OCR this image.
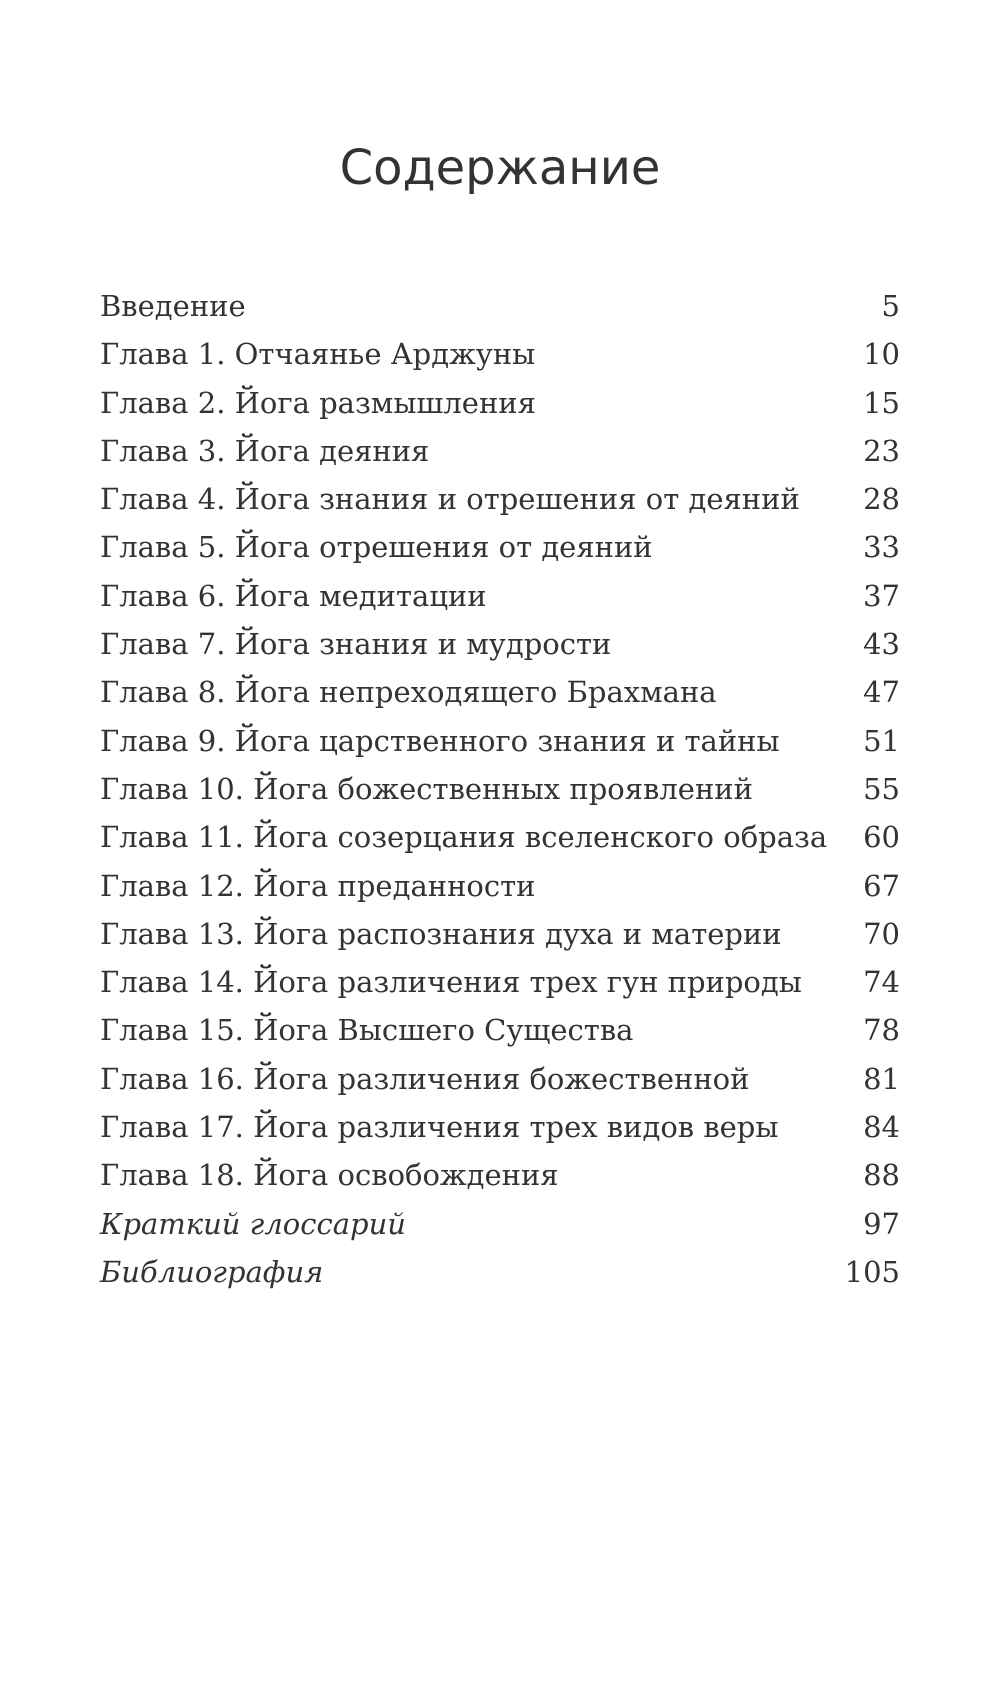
Содержание
Введение	5
Глава 1. Отчаянье Арджуны	10
Глава 2. Йога размышления	15
Глава 3. Йога деяния	23
Глава 4. Йога знания и отрешения от деяний	28
Глава 5. Йога отрешения от деяний	33
Глава 6. Йога медитации	37
Глава 7. Йога знания и мудрости	43
Глава 8. Йога непреходящего Брахмана	47
Глава 9. Йога царственного знания и тайны	51
Глава 10. Йога божественных проявлений	55
Глава 11. Йога созерцания вселенского образа	60
Глава 12. Йога преданности	67
Глава 13. Йога распознания духа и материи	70
Глава 14. Йога различения трех гун природы	74
Глава 15. Йога Высшего Существа	78
Глава 16. Йога различения божественной	81
Глава 17. Йога различения трех видов веры	84
Глава 18. Йога освобождения	88
Краткий глоссарий	97
Библиография	105
